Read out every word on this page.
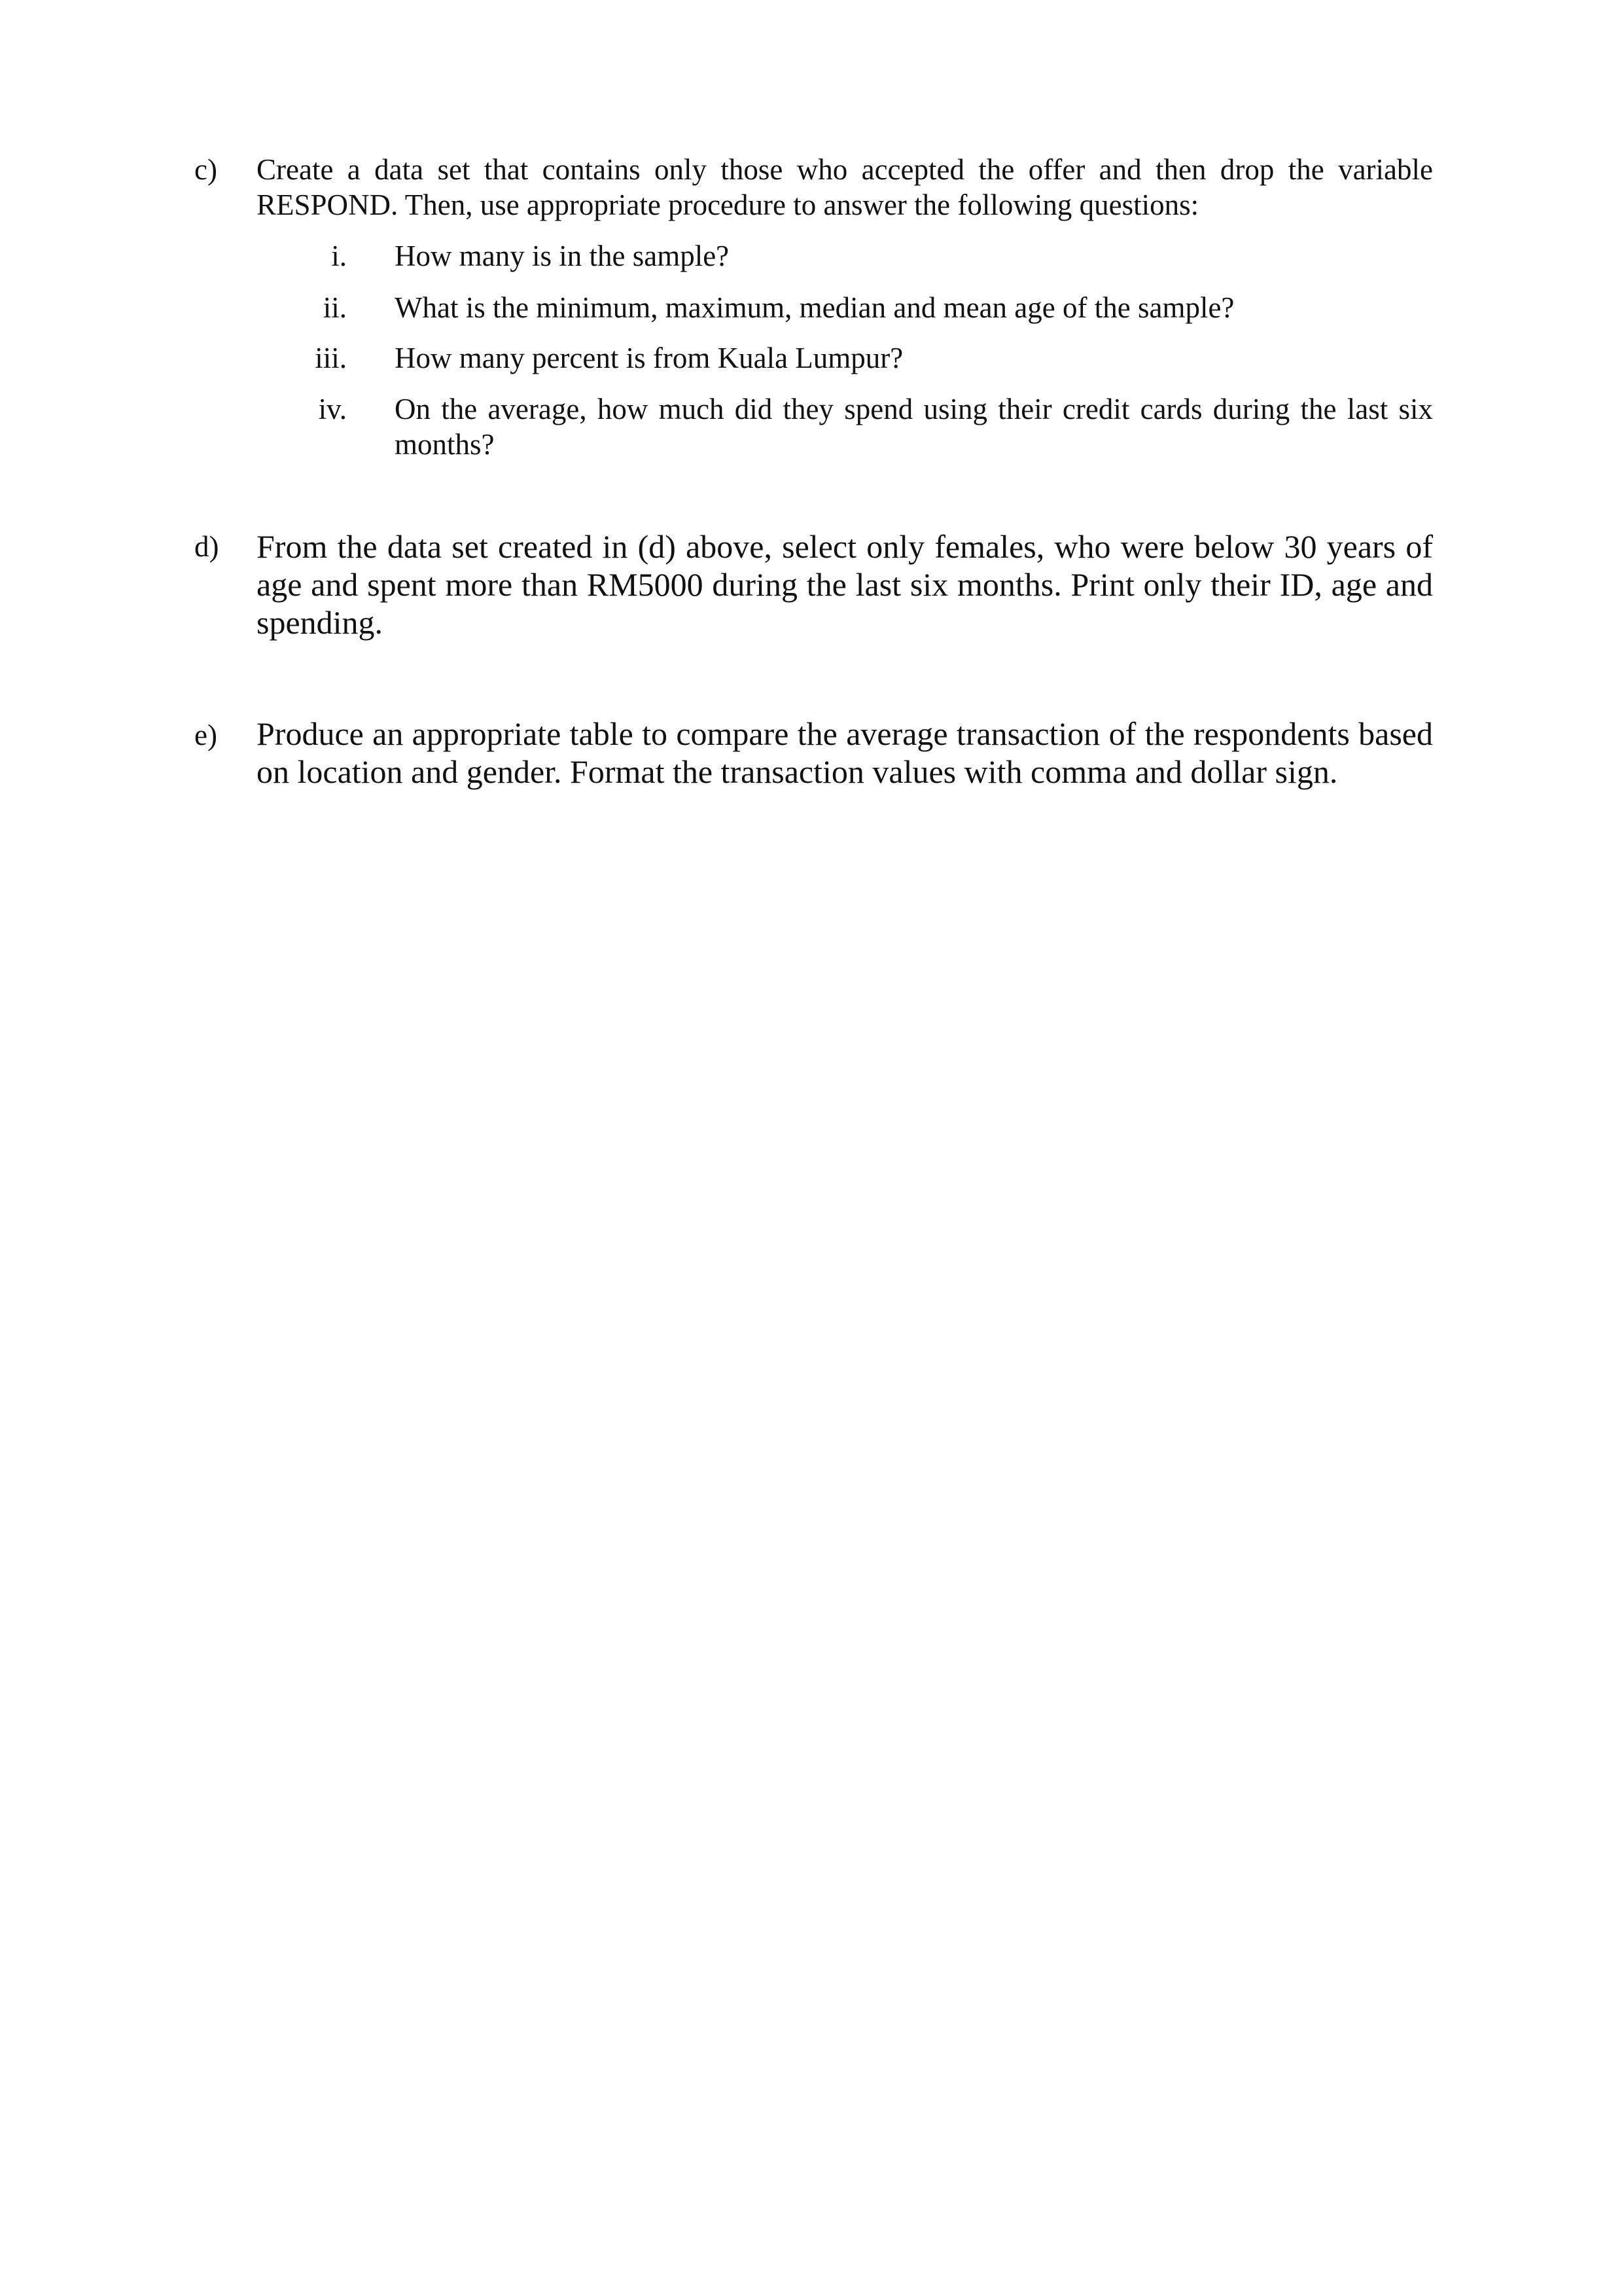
c) Create a data set that contains only those who accepted the offer and then drop the variable RESPOND. Then, use appropriate procedure to answer the following questions:
i. How many is in the sample?
ii. What is the minimum, maximum, median and mean age of the sample?
iii. How many percent is from Kuala Lumpur?
iv. On the average, how much did they spend using their credit cards during the last six months?
d) From the data set created in (d) above, select only females, who were below 30 years of age and spent more than RM5000 during the last six months. Print only their ID, age and spending.
e) Produce an appropriate table to compare the average transaction of the respondents based on location and gender. Format the transaction values with comma and dollar sign.
